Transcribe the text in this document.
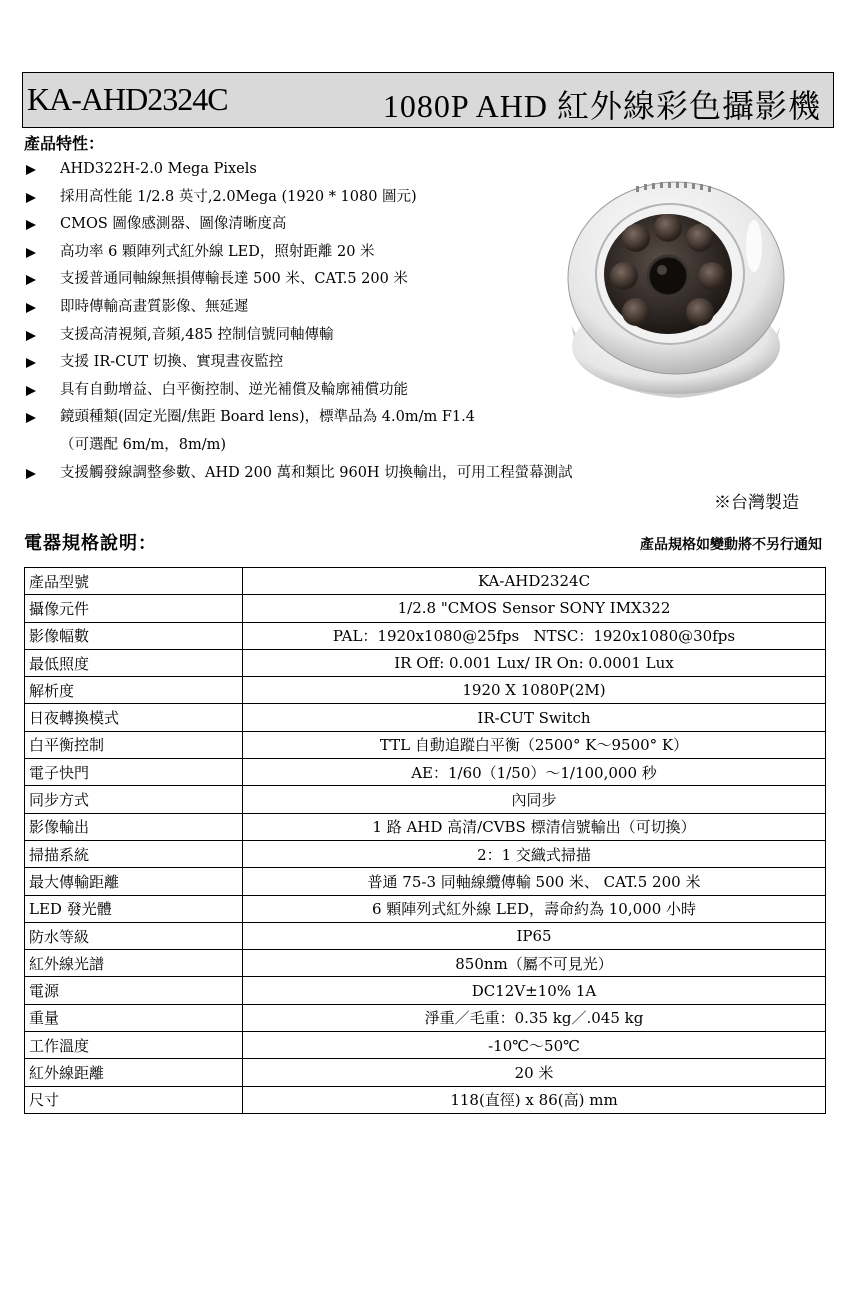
KA-AHD2324C	1080P AHD 紅外線彩色攝影機
產品特性：
AHD322H-2.0 Mega Pixels
採用高性能 1/2.8 英寸,2.0Mega (1920 * 1080 圖元)
CMOS 圖像感測器、圖像清晰度高
高功率 6 顆陣列式紅外線 LED，照射距離 20 米
支援普通同軸線無損傳輸長達 500 米、CAT.5 200 米
即時傳輸高畫質影像、無延遲
支援高清視頻,音頻,485 控制信號同軸傳輸
支援 IR-CUT 切換、實現晝夜監控
具有自動增益、白平衡控制、逆光補償及輪廓補償功能
鏡頭種類(固定光圈/焦距 Board lens)，標準品為 4.0m/m F1.4
（可選配 6m/m，8m/m)
支援觸發線調整參數、AHD 200 萬和類比 960H 切換輸出，可用工程螢幕測試
※台灣製造
電器規格說明：	產品規格如變動將不另行通知
產品型號	KA-AHD2324C
攝像元件	1/2.8 "CMOS Sensor SONY IMX322
影像幅數	PAL：1920x1080@25fps   NTSC：1920x1080@30fps
最低照度	IR Off: 0.001 Lux/ IR On: 0.0001 Lux
解析度	1920 X 1080P(2M)
日夜轉換模式	IR-CUT Switch
白平衡控制	TTL 自動追蹤白平衡（2500° K～9500° K）
電子快門	AE：1/60（1/50）～1/100,000 秒
同步方式	內同步
影像輸出	1 路 AHD 高清/CVBS 標清信號輸出（可切換）
掃描系統	2：1 交織式掃描
最大傳輸距離	普通 75-3 同軸線纜傳輸 500 米、 CAT.5 200 米
LED 發光體	6 顆陣列式紅外線 LED，壽命約為 10,000 小時
防水等級	IP65
紅外線光譜	850nm（屬不可見光）
電源	DC12V±10% 1A
重量	淨重／毛重：0.35 kg／.045 kg
工作溫度	-10℃～50℃
紅外線距離	20 米
尺寸	118(直徑) x 86(高) mm
